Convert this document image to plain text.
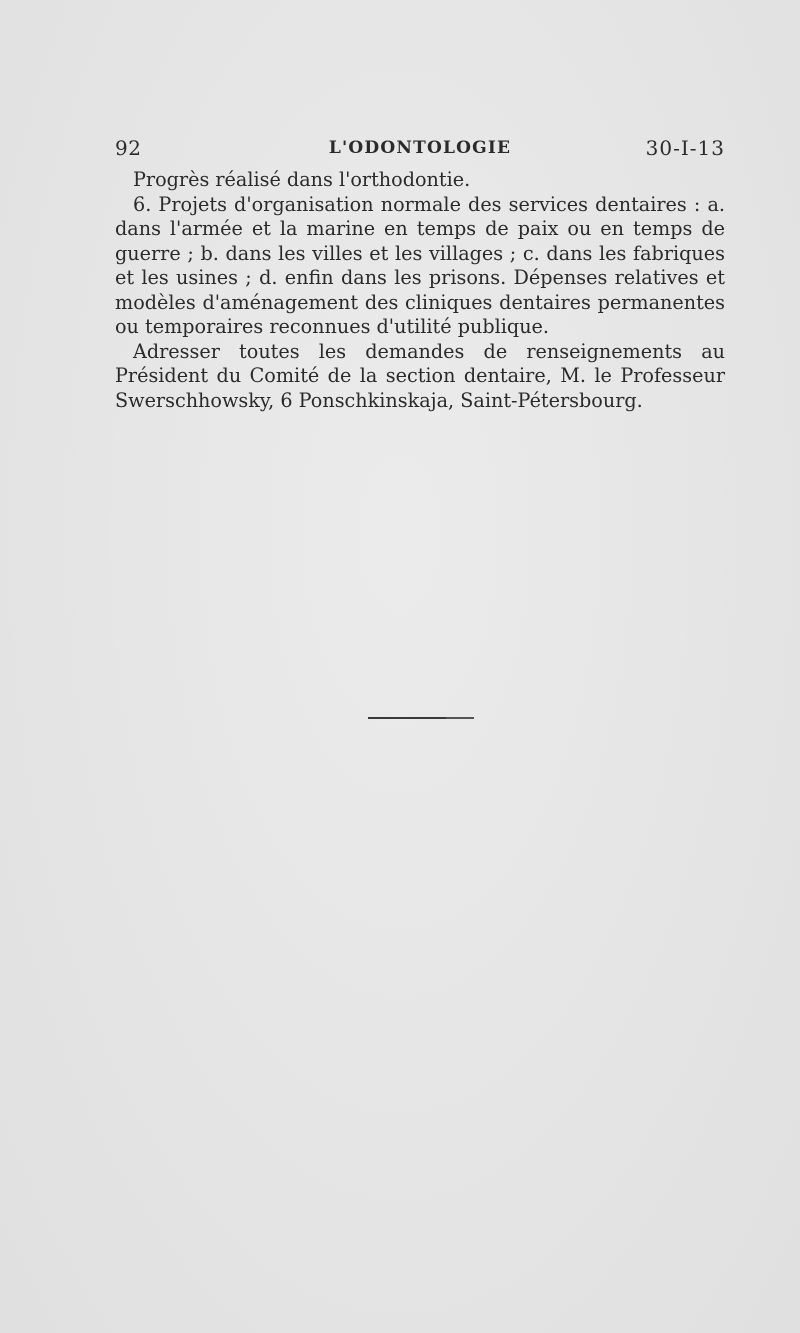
92	L'ODONTOLOGIE	30-I-13

Progrès réalisé dans l'orthodontie.

6. Projets d'organisation normale des services dentaires : a. dans l'armée et la marine en temps de paix ou en temps de guerre ; b. dans les villes et les villages ; c. dans les fabriques et les usines ; d. enfin dans les prisons. Dépenses relatives et modèles d'aménagement des cliniques dentaires permanentes ou temporaires reconnues d'utilité publique.

Adresser toutes les demandes de renseignements au Président du Comité de la section dentaire, M. le Professeur Swerschhowsky, 6 Ponschkinskaja, Saint-Pétersbourg.
